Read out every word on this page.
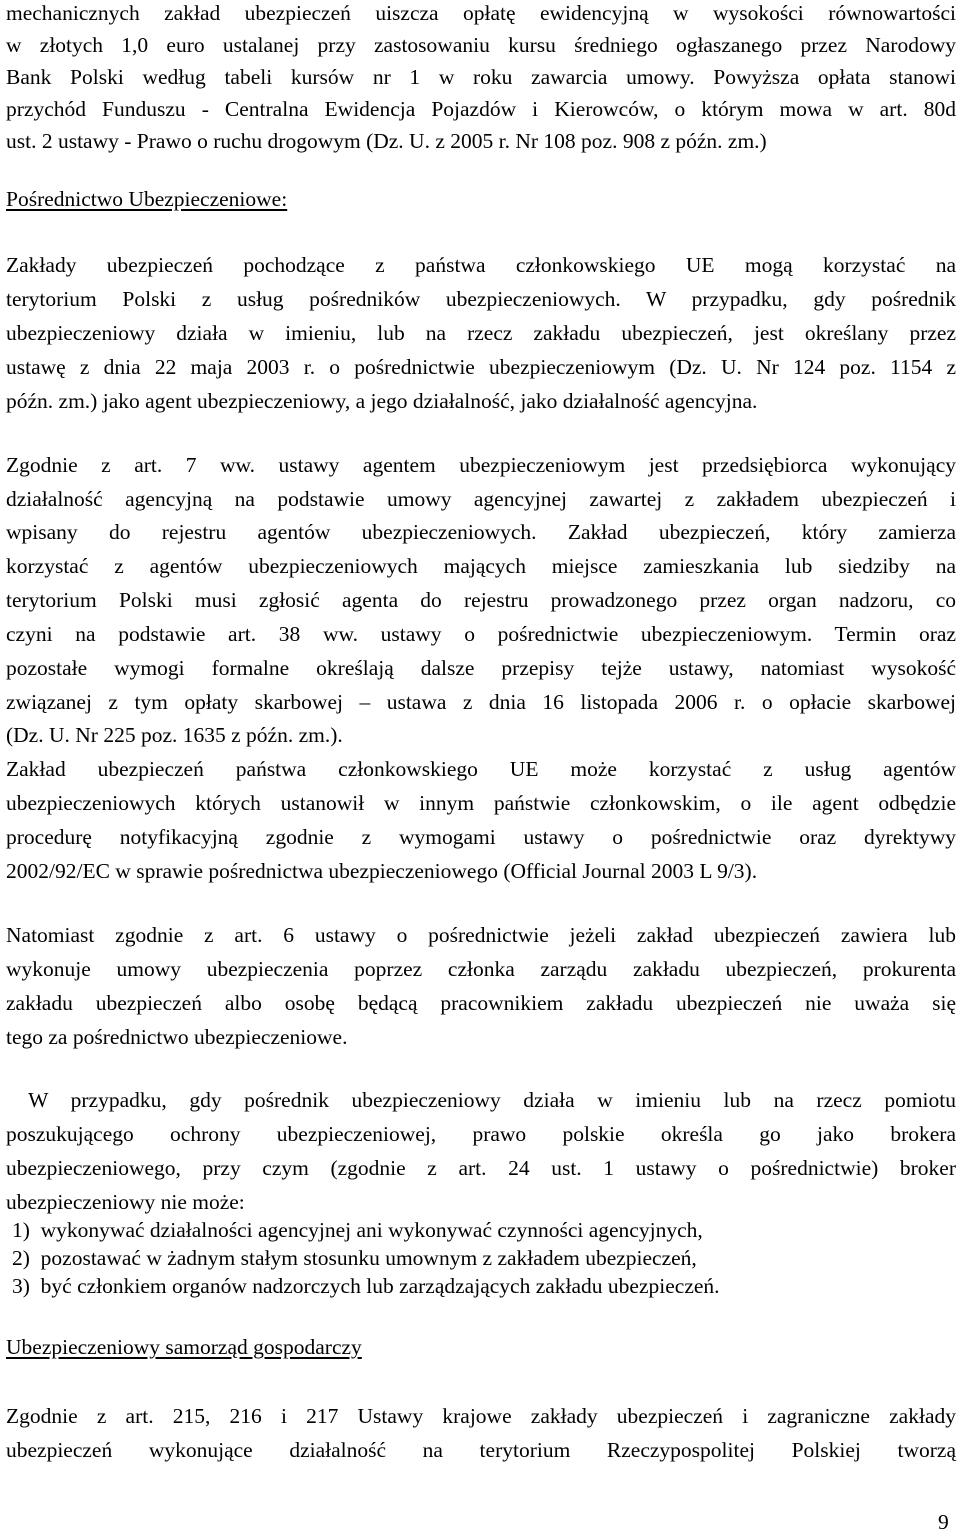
mechanicznych zakład ubezpieczeń uiszcza opłatę ewidencyjną w wysokości równowartości
w złotych 1,0 euro ustalanej przy zastosowaniu kursu średniego ogłaszanego przez Narodowy
Bank Polski według tabeli kursów nr 1 w roku zawarcia umowy. Powyższa opłata stanowi
przychód Funduszu - Centralna Ewidencja Pojazdów i Kierowców, o którym mowa w art. 80d
ust. 2 ustawy - Prawo o ruchu drogowym (Dz. U. z 2005 r. Nr 108 poz. 908 z późn. zm.)
Pośrednictwo Ubezpieczeniowe:
Zakłady ubezpieczeń pochodzące z państwa członkowskiego UE mogą korzystać na
terytorium Polski z usług pośredników ubezpieczeniowych. W przypadku, gdy pośrednik
ubezpieczeniowy działa w imieniu, lub na rzecz zakładu ubezpieczeń, jest określany przez
ustawę z dnia 22 maja 2003 r. o pośrednictwie ubezpieczeniowym (Dz. U. Nr 124 poz. 1154 z
późn. zm.) jako agent ubezpieczeniowy, a jego działalność, jako działalność agencyjna.
Zgodnie z art. 7 ww. ustawy agentem ubezpieczeniowym jest przedsiębiorca wykonujący
działalność agencyjną na podstawie umowy agencyjnej zawartej z zakładem ubezpieczeń i
wpisany do rejestru agentów ubezpieczeniowych. Zakład ubezpieczeń, który zamierza
korzystać z agentów ubezpieczeniowych mających miejsce zamieszkania lub siedziby na
terytorium Polski musi zgłosić agenta do rejestru prowadzonego przez organ nadzoru, co
czyni na podstawie art. 38 ww. ustawy o pośrednictwie ubezpieczeniowym. Termin oraz
pozostałe wymogi formalne określają dalsze przepisy tejże ustawy, natomiast wysokość
związanej z tym opłaty skarbowej – ustawa z dnia 16 listopada 2006 r. o opłacie skarbowej
(Dz. U. Nr 225 poz. 1635 z późn. zm.).
Zakład ubezpieczeń państwa członkowskiego UE może korzystać z usług agentów
ubezpieczeniowych których ustanowił w innym państwie członkowskim, o ile agent odbędzie
procedurę notyfikacyjną zgodnie z wymogami ustawy o pośrednictwie oraz dyrektywy
2002/92/EC w sprawie pośrednictwa ubezpieczeniowego (Official Journal 2003 L 9/3).
Natomiast zgodnie z art. 6 ustawy o pośrednictwie jeżeli zakład ubezpieczeń zawiera lub
wykonuje umowy ubezpieczenia poprzez członka zarządu zakładu ubezpieczeń, prokurenta
zakładu ubezpieczeń albo osobę będącą pracownikiem zakładu ubezpieczeń nie uważa się
tego za pośrednictwo ubezpieczeniowe.
W przypadku, gdy pośrednik ubezpieczeniowy działa w imieniu lub na rzecz pomiotu
poszukującego ochrony ubezpieczeniowej, prawo polskie określa go jako brokera
ubezpieczeniowego, przy czym (zgodnie z art. 24 ust. 1 ustawy o pośrednictwie) broker
ubezpieczeniowy nie może:
1)  wykonywać działalności agencyjnej ani wykonywać czynności agencyjnych,
2)  pozostawać w żadnym stałym stosunku umownym z zakładem ubezpieczeń,
3)  być członkiem organów nadzorczych lub zarządzających zakładu ubezpieczeń.
Ubezpieczeniowy samorząd gospodarczy
Zgodnie z art. 215, 216 i 217 Ustawy krajowe zakłady ubezpieczeń i zagraniczne zakłady
ubezpieczeń wykonujące działalność na terytorium Rzeczypospolitej Polskiej tworzą
9
